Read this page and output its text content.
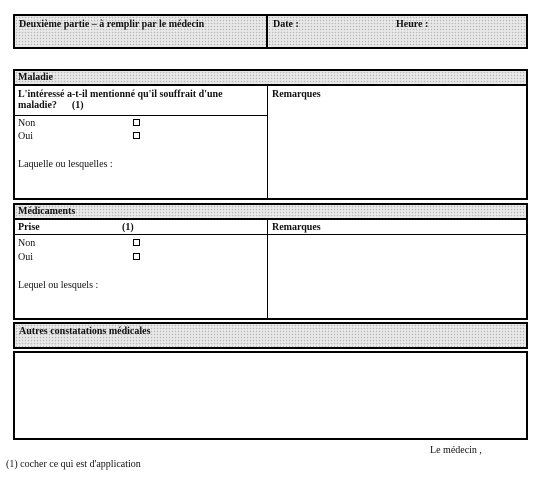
Deuxième partie – à remplir par le médecin	Date :	Heure :
Maladie
L'intéressé a-t-il mentionné qu'il souffrait d'une maladie? (1)
Remarques
Non
Oui
Laquelle ou lesquelles :
Médicaments
Prise	(1)	Remarques
Non
Oui
Lequel ou lesquels :
Autres constatations médicales
Le médecin ,
(1) cocher ce qui est d'application
